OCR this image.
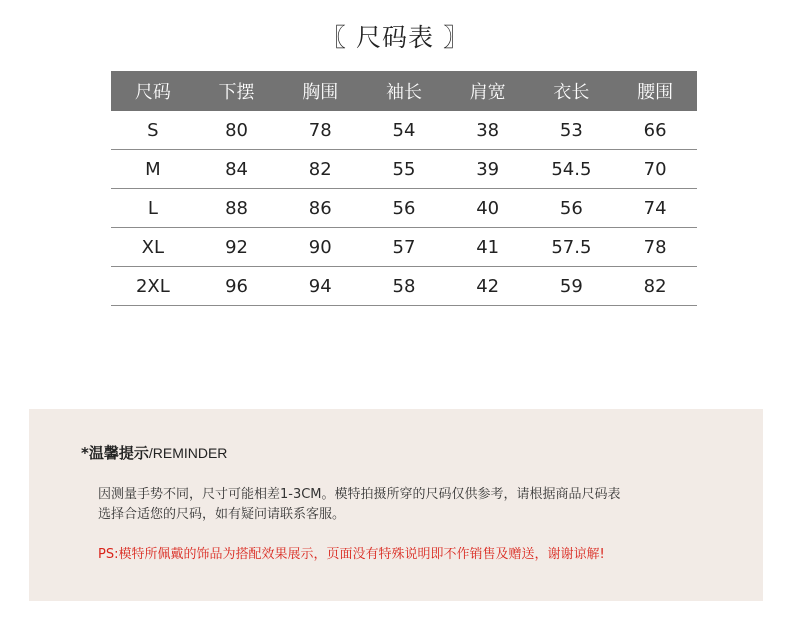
〖 尺码表 〗
尺码	下摆	胸围	袖长	肩宽	衣长	腰围
S	80	78	54	38	53	66
M	84	82	55	39	54.5	70
L	88	86	56	40	56	74
XL	92	90	57	41	57.5	78
2XL	96	94	58	42	59	82
*温馨提示/REMINDER
因测量手势不同，尺寸可能相差1-3CM。模特拍摄所穿的尺码仅供参考，请根据商品尺码表
选择合适您的尺码，如有疑问请联系客服。
PS:模特所佩戴的饰品为搭配效果展示，页面没有特殊说明即不作销售及赠送，谢谢谅解!
